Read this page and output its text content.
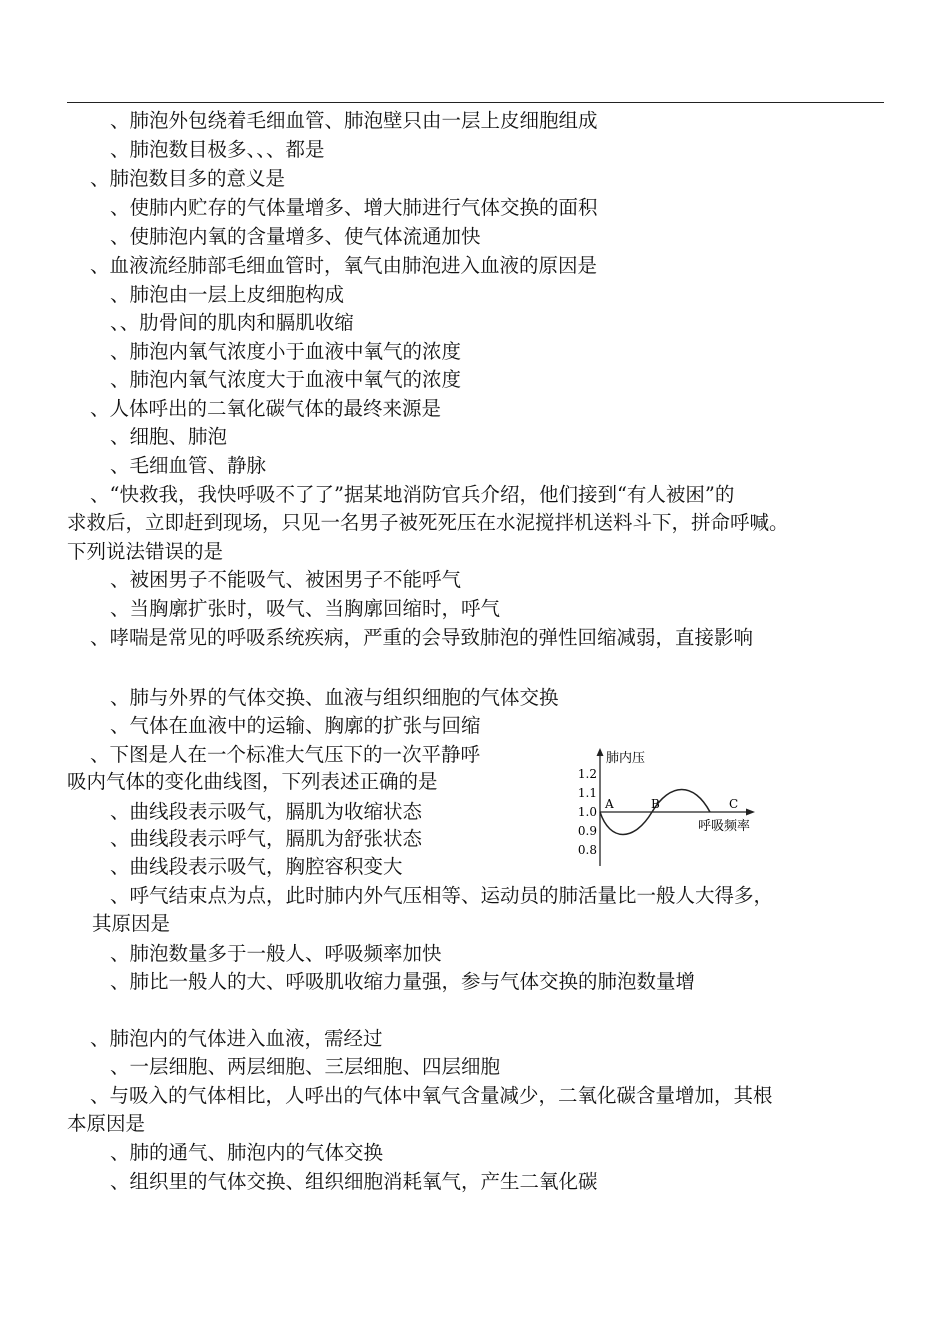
、肺泡外包绕着毛细血管、肺泡壁只由一层上皮细胞组成
、肺泡数目极多、、、都是
、肺泡数目多的意义是
、使肺内贮存的气体量增多、增大肺进行气体交换的面积
、使肺泡内氧的含量增多、使气体流通加快
、血液流经肺部毛细血管时，氧气由肺泡进入血液的原因是
、肺泡由一层上皮细胞构成
、、肋骨间的肌肉和膈肌收缩
、肺泡内氧气浓度小于血液中氧气的浓度
、肺泡内氧气浓度大于血液中氧气的浓度
、人体呼出的二氧化碳气体的最终来源是
、细胞、肺泡
、毛细血管、静脉
、“快救我，我快呼吸不了了”据某地消防官兵介绍，他们接到“有人被困”的
求救后，立即赶到现场，只见一名男子被死死压在水泥搅拌机送料斗下，拼命呼喊。
下列说法错误的是
、被困男子不能吸气、被困男子不能呼气
、当胸廓扩张时，吸气、当胸廓回缩时，呼气
、哮喘是常见的呼吸系统疾病，严重的会导致肺泡的弹性回缩减弱，直接影响
、肺与外界的气体交换、血液与组织细胞的气体交换
、气体在血液中的运输、胸廓的扩张与回缩
、下图是人在一个标准大气压下的一次平静呼
吸内气体的变化曲线图，下列表述正确的是
、曲线段表示吸气，膈肌为收缩状态
、曲线段表示呼气，膈肌为舒张状态
、曲线段表示吸气，胸腔容积变大
、呼气结束点为点，此时肺内外气压相等、运动员的肺活量比一般人大得多，
其原因是
、肺泡数量多于一般人、呼吸频率加快
、肺比一般人的大、呼吸肌收缩力量强，参与气体交换的肺泡数量增
、肺泡内的气体进入血液，需经过
、一层细胞、两层细胞、三层细胞、四层细胞
、与吸入的气体相比，人呼出的气体中氧气含量减少，二氧化碳含量增加，其根
本原因是
、肺的通气、肺泡内的气体交换
、组织里的气体交换、组织细胞消耗氧气，产生二氧化碳
肺内压
呼吸频率
1.2
1.1
1.0
0.9
0.8
A	B	C
